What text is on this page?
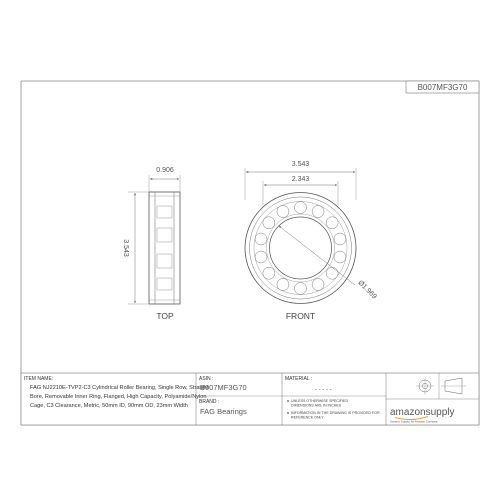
B007MF3G70
0.906
3.543
TOP
3.543
2.343
Ø1.969
FRONT
ITEM NAME:
FAG NJ2210E-TVP2-C3 Cylindrical Roller Bearing, Single Row, Straight
Bore, Removable Inner Ring, Flanged, High Capacity, Polyamide/Nylon
Cage, C3 Clearance, Metric, 50mm ID, 90mm OD, 23mm Width
ASIN :
B007MF3G70
BRAND :
FAG Bearings
MATERIAL :
- - - - -
UNLESS OTHERWISE SPECIFIED
DIMENSIONS ARE IN INCHES
INFORMATION IN THE DRAWING IS PROVIDED FOR
REFERENCE ONLY	amazonsupply
Amazon Supply, An Amazon Company
